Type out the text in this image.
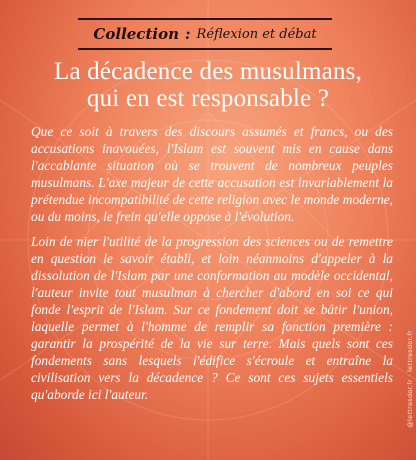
Collection : Réflexion et débat
La décadence des musulmans,
qui en est responsable ?

Que ce soit à travers des discours assumés et francs, ou des accusations inavouées, l'Islam est souvent mis en cause dans l'accablante situation où se trouvent de nombreux peuples musulmans. L'axe majeur de cette accusation est invariablement la prétendue incompatibilité de cette religion avec le monde moderne, ou du moins, le frein qu'elle oppose à l'évolution.

Loin de nier l'utilité de la progression des sciences ou de remettre en question le savoir établi, et loin néanmoins d'appeler à la dissolution de l'Islam par une conformation au modèle occidental, l'auteur invite tout musulman à chercher d'abord en soi ce qui fonde l'esprit de l'Islam. Sur ce fondement doit se bâtir l'union, laquelle permet à l'homme de remplir sa fonction première : garantir la prospérité de la vie sur terre. Mais quels sont ces fondements sans lesquels l'édifice s'écroule et entraîne la civilisation vers la décadence ? Ce sont ces sujets essentiels qu'aborde ici l'auteur.	@lettresdor.fr · lettresdor.fr
